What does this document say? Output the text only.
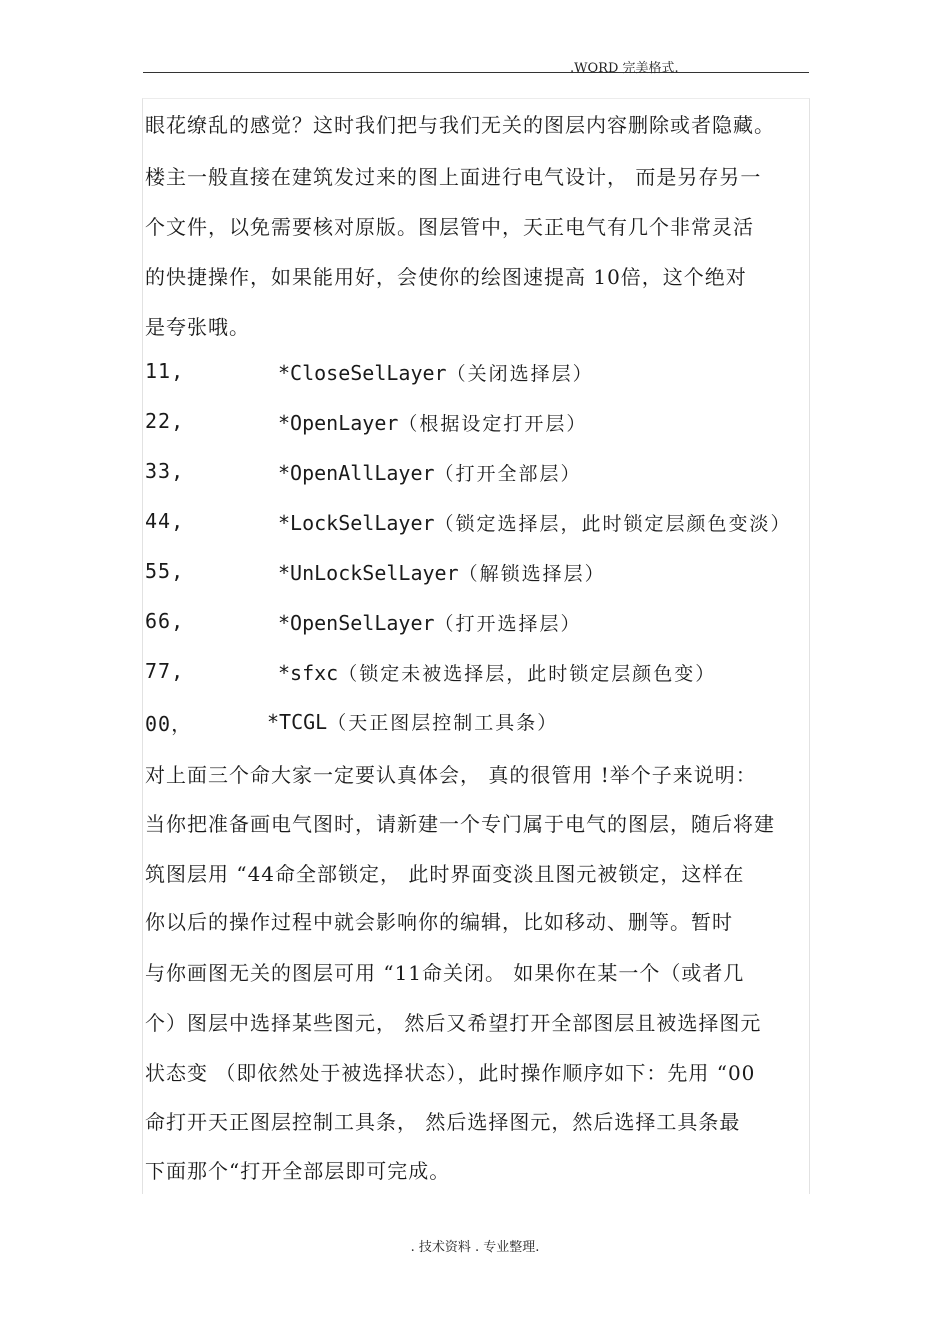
.WORD 完美格式.
眼花缭乱的感觉？这时我们把与我们无关的图层内容删除或者隐藏。
楼主一般直接在建筑发过来的图上面进行电气设计， 而是另存另一
个文件，以免需要核对原版。图层管中，天正电气有几个非常灵活
的快捷操作，如果能用好，会使你的绘图速提高 10倍，这个绝对
是夸张哦。
11,	*CloseSelLayer（关闭选择层）
22,	*OpenLayer（根据设定打开层）
33,	*OpenAllLayer（打开全部层）
44,	*LockSelLayer（锁定选择层，此时锁定层颜色变淡）
55,	*UnLockSelLayer（解锁选择层）
66,	*OpenSelLayer（打开选择层）
77,	*sfxc（锁定未被选择层，此时锁定层颜色变）
00，	*TCGL（天正图层控制工具条）
对上面三个命大家一定要认真体会， 真的很管用 !举个子来说明：
当你把准备画电气图时，请新建一个专门属于电气的图层，随后将建
筑图层用 “44命全部锁定， 此时界面变淡且图元被锁定，这样在
你以后的操作过程中就会影响你的编辑，比如移动、删等。暂时
与你画图无关的图层可用 “11命关闭。 如果你在某一个（或者几
个）图层中选择某些图元， 然后又希望打开全部图层且被选择图元
状态变 （即依然处于被选择状态），此时操作顺序如下：先用 “00
命打开天正图层控制工具条， 然后选择图元，然后选择工具条最
下面那个“打开全部层即可完成。
. 技术资料 . 专业整理.
